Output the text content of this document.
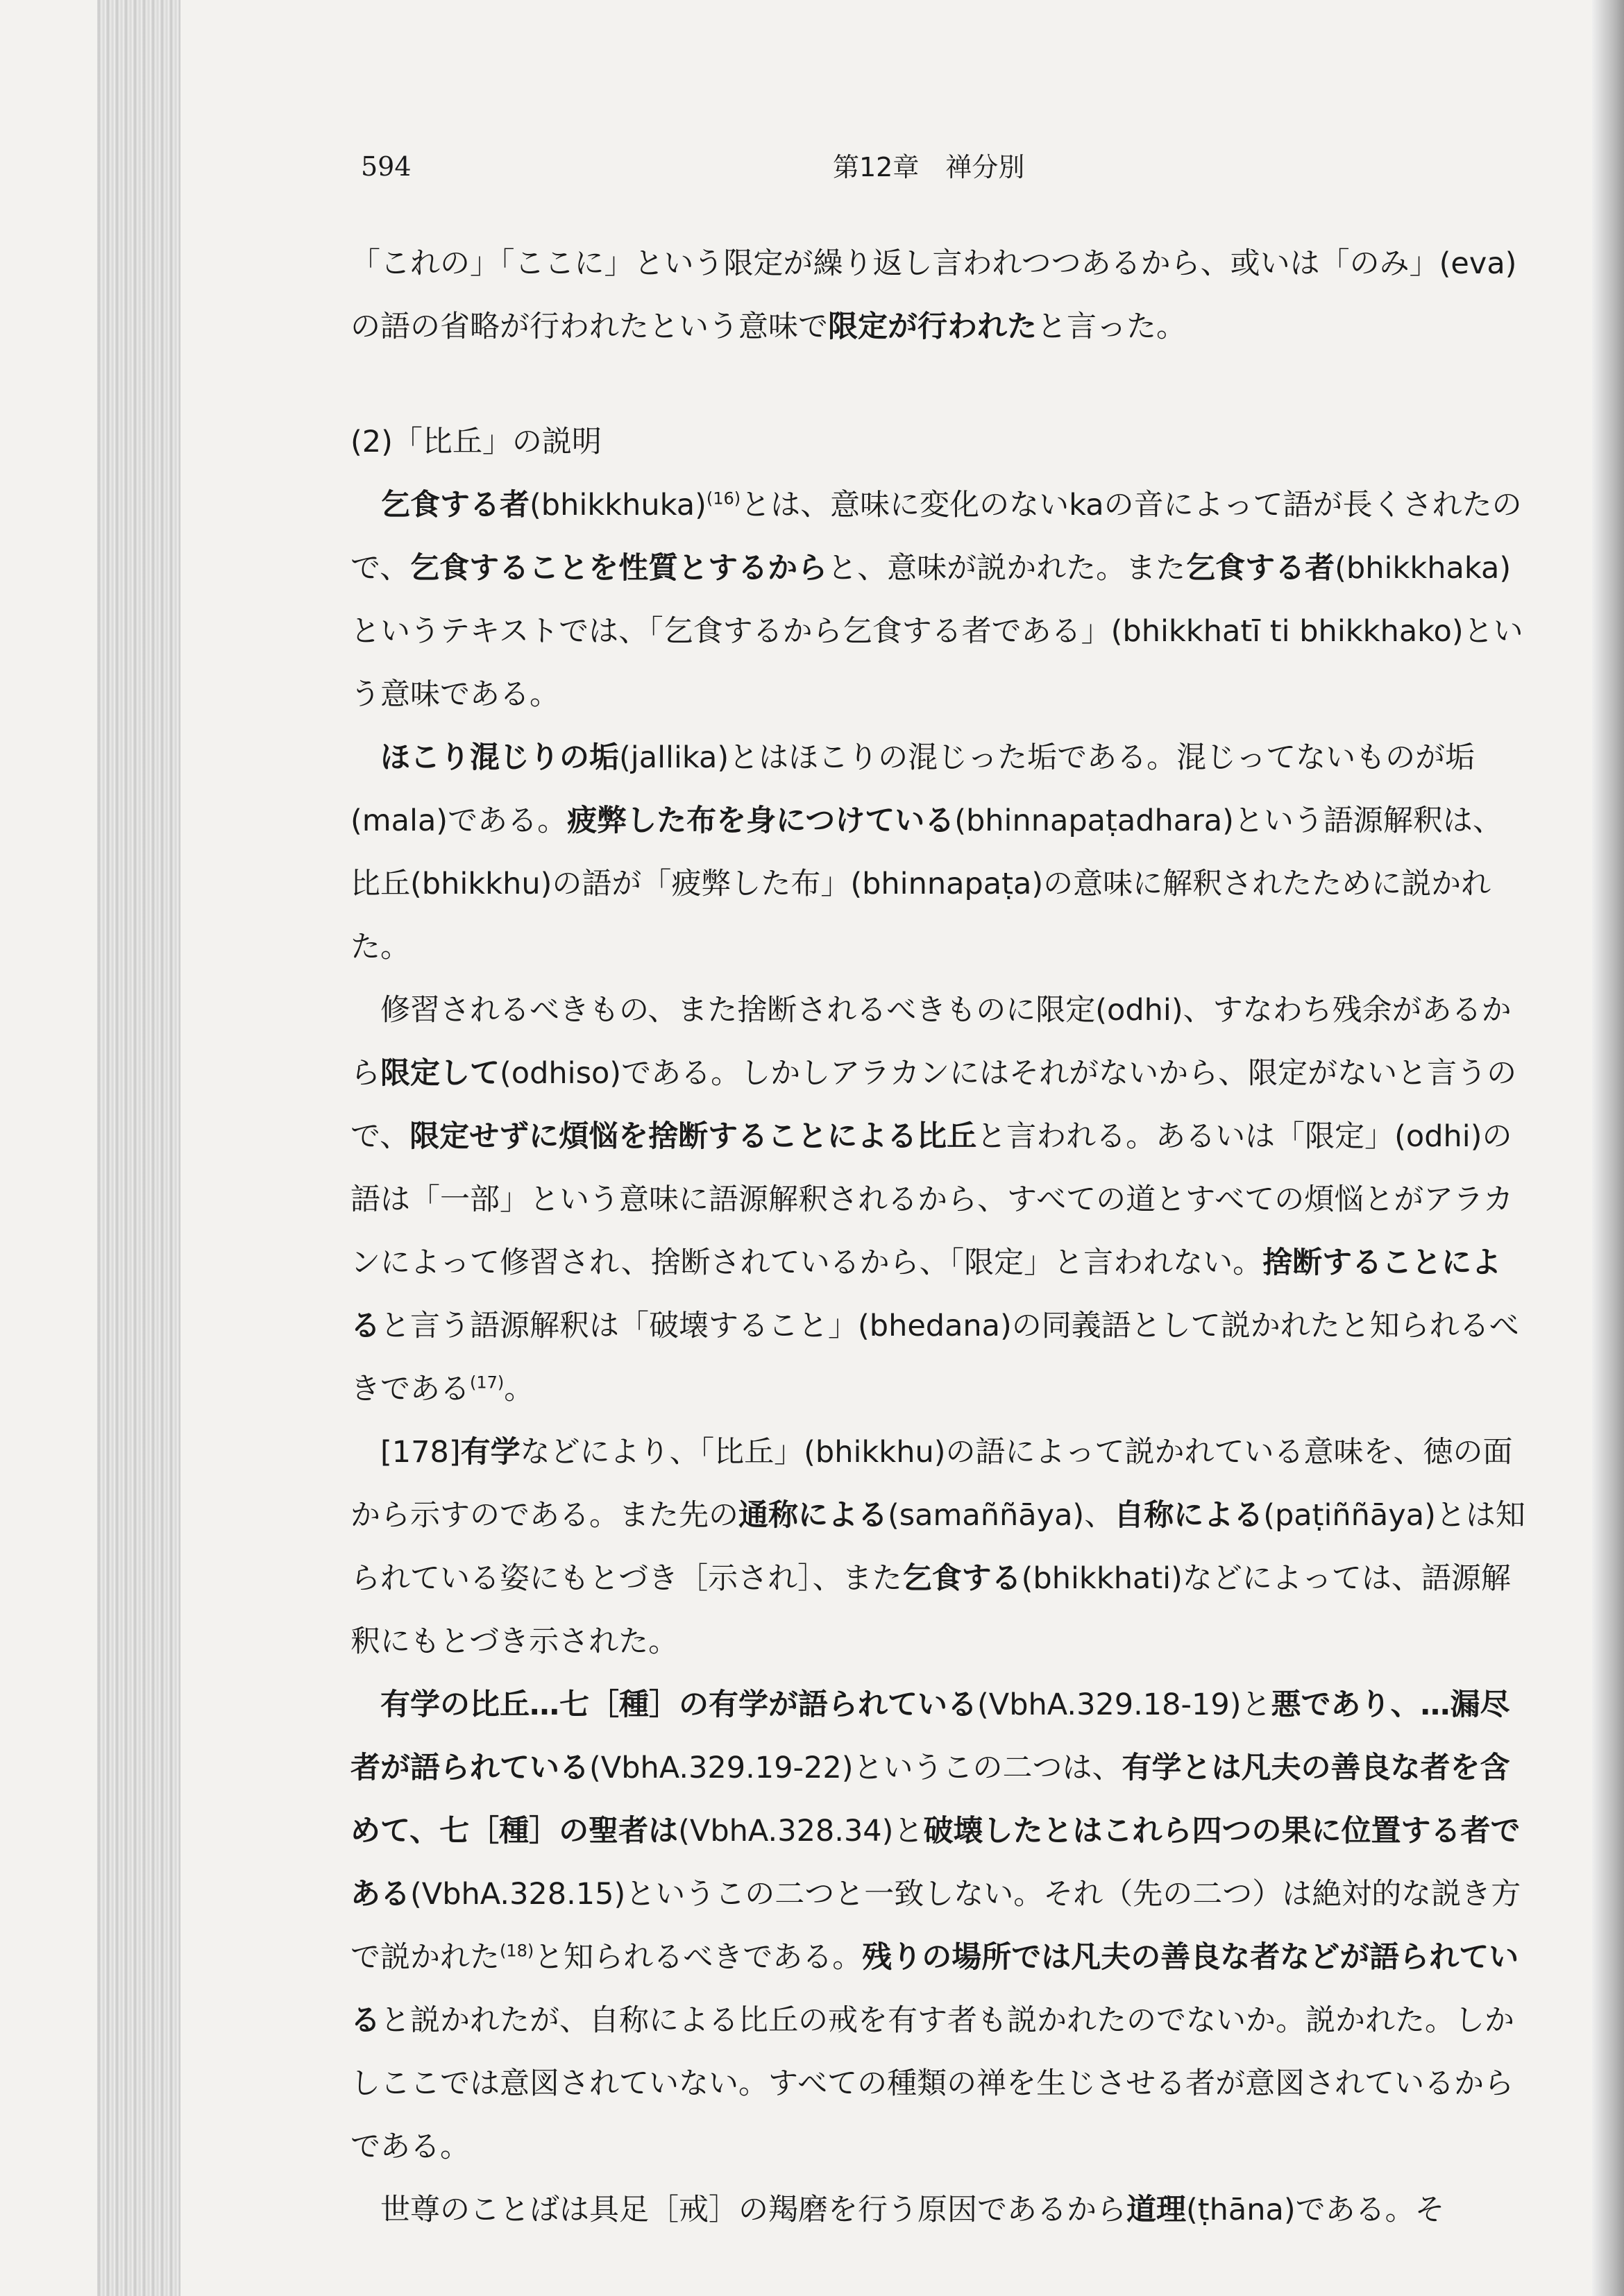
594	第12章　禅分別

「これの」「ここに」という限定が繰り返し言われつつあるから、或いは「のみ」(eva)の語の省略が行われたという意味で限定が行われたと言った。

(2)「比丘」の説明

乞食する者(bhikkhuka)$^{(16)}$とは、意味に変化のないkaの音によって語が長くされたので、乞食することを性質とするからと、意味が説かれた。また乞食する者(bhikkhaka)というテキストでは、「乞食するから乞食する者である」(bhikkhatī ti bhikkhako)という意味である。

ほこり混じりの垢(jallika)とはほこりの混じった垢である。混じってないものが垢(mala)である。疲弊した布を身につけている(bhinnapaṭadhara)という語源解釈は、比丘(bhikkhu)の語が「疲弊した布」(bhinnapaṭa)の意味に解釈されたために説かれた。

修習されるべきもの、また捨断されるべきものに限定(odhi)、すなわち残余があるから限定して(odhiso)である。しかしアラカンにはそれがないから、限定がないと言うので、限定せずに煩悩を捨断することによる比丘と言われる。あるいは「限定」(odhi)の語は「一部」という意味に語源解釈されるから、すべての道とすべての煩悩とがアラカンによって修習され、捨断されているから、「限定」と言われない。捨断することによると言う語源解釈は「破壊すること」(bhedana)の同義語として説かれたと知られるべきである$^{(17)}$。

[178]有学などにより、「比丘」(bhikkhu)の語によって説かれている意味を、徳の面から示すのである。また先の通称による(samaññāya)、自称による(paṭiññāya)とは知られている姿にもとづき［示され］、また乞食する(bhikkhati)などによっては、語源解釈にもとづき示された。

有学の比丘…七［種］の有学が語られている(VbhA.329.18-19)と悪であり、…漏尽者が語られている(VbhA.329.19-22)というこの二つは、有学とは凡夫の善良な者を含めて、七［種］の聖者は(VbhA.328.34)と破壊したとはこれら四つの果に位置する者である(VbhA.328.15)というこの二つと一致しない。それ（先の二つ）は絶対的な説き方で説かれた$^{(18)}$と知られるべきである。残りの場所では凡夫の善良な者などが語られていると説かれたが、自称による比丘の戒を有す者も説かれたのでないか。説かれた。しかしここでは意図されていない。すべての種類の禅を生じさせる者が意図されているからである。

世尊のことばは具足［戒］の羯磨を行う原因であるから道理(ṭhāna)である。そ
